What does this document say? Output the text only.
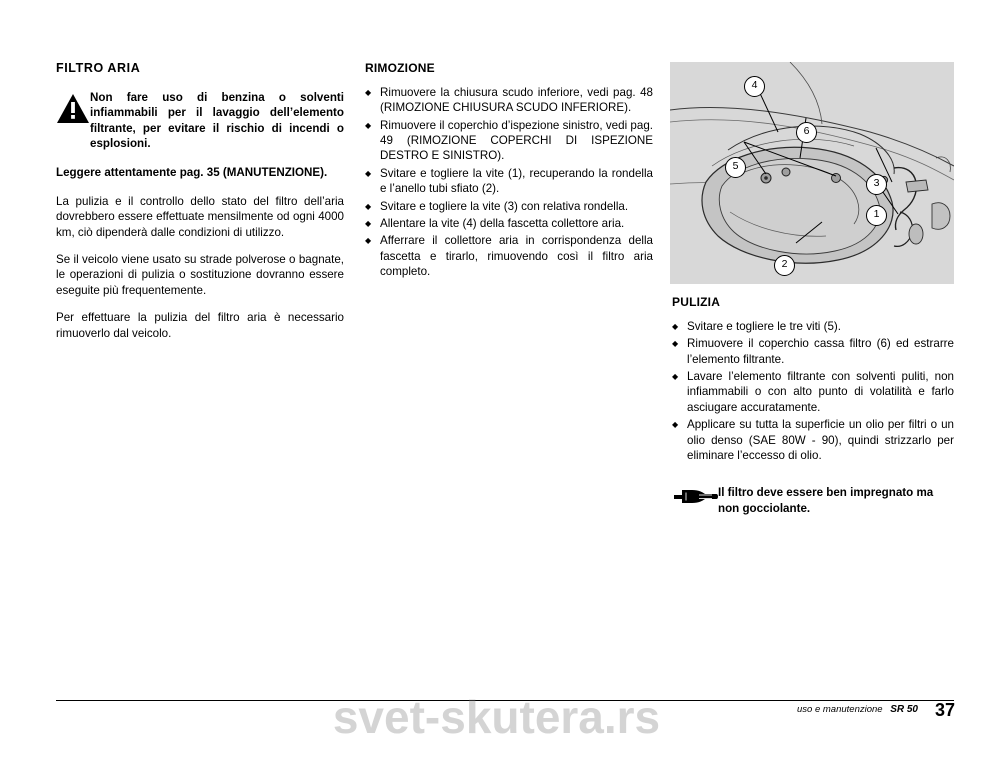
FILTRO ARIA
Non fare uso di benzina o solventi infiammabili per il lavaggio dell’elemento filtrante, per evitare il rischio di incendi o esplosioni.

Leggere attentamente pag. 35 (MANUTENZIONE).

La pulizia e il controllo dello stato del filtro dell’aria dovrebbero essere effettuate mensilmente od ogni 4000 km, ciò dipenderà dalle condizioni di utilizzo.

Se il veicolo viene usato su strade polverose o bagnate, le operazioni di pulizia o sostituzione dovranno essere eseguite più frequentemente.

Per effettuare la pulizia del filtro aria è necessario rimuoverlo dal veicolo.

RIMOZIONE
◆ Rimuovere la chiusura scudo inferiore, vedi pag. 48 (RIMOZIONE CHIUSURA SCUDO INFERIORE).
◆ Rimuovere il coperchio d’ispezione sinistro, vedi pag. 49 (RIMOZIONE COPERCHI DI ISPEZIONE DESTRO E SINISTRO).
◆ Svitare e togliere la vite (1), recuperando la rondella e l’anello tubi sfiato (2).
◆ Svitare e togliere la vite (3) con relativa rondella.
◆ Allentare la vite (4) della fascetta collettore aria.
◆ Afferrare il collettore aria in corrispondenza della fascetta e tirarlo, rimuovendo così il filtro aria completo.
4
6
5
3
1
2
PULIZIA
◆ Svitare e togliere le tre viti (5).
◆ Rimuovere il coperchio cassa filtro (6) ed estrarre l’elemento filtrante.
◆ Lavare l’elemento filtrante con solventi puliti, non infiammabili o con alto punto di volatilità e farlo asciugare accuratamente.
◆ Applicare su tutta la superficie un olio per filtri o un olio denso (SAE 80W - 90), quindi strizzarlo per eliminare l’eccesso di olio.
Il filtro deve essere ben impregnato ma non gocciolante.
uso e manutenzione SR 50 37
svet-skutera.rs
